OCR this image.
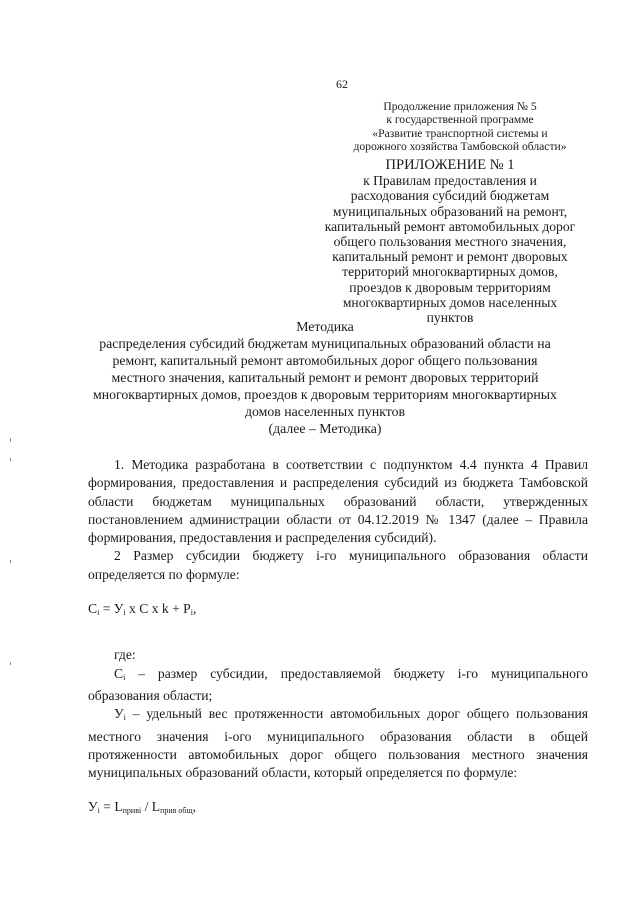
62
Продолжение приложения № 5
к государственной программе
«Развитие транспортной системы и
дорожного хозяйства Тамбовской области»
ПРИЛОЖЕНИЕ № 1
к Правилам предоставления и
расходования субсидий бюджетам
муниципальных образований на ремонт,
капитальный ремонт автомобильных дорог
общего пользования местного значения,
капитальный ремонт и ремонт дворовых
территорий многоквартирных домов,
проездов к дворовым территориям
многоквартирных домов населенных
пунктов
Методика
распределения субсидий бюджетам муниципальных образований области на
ремонт, капитальный ремонт автомобильных дорог общего пользования
местного значения, капитальный ремонт и ремонт дворовых территорий
многоквартирных домов, проездов к дворовым территориям многоквартирных
домов населенных пунктов
(далее – Методика)

1. Методика разработана в соответствии с подпунктом 4.4 пункта 4 Правил формирования, предоставления и распределения субсидий из бюджета Тамбовской области бюджетам муниципальных образований области, утвержденных постановлением администрации области от 04.12.2019 № 1347 (далее – Правила формирования, предоставления и распределения субсидий).

2 Размер субсидии бюджету i-го муниципального образования области определяется по формуле:

$C_i = У_i$ x C x $k + P_i$,

где:

$C_i$ – размер субсидии, предоставляемой бюджету i-го муниципального образования области;

$У_i$ – удельный вес протяженности автомобильных дорог общего пользования местного значения i-ого муниципального образования области в общей протяженности автомобильных дорог общего пользования местного значения муниципальных образований области, который определяется по формуле:

$У_i = L_{привi} / L_{прив общ}$,
